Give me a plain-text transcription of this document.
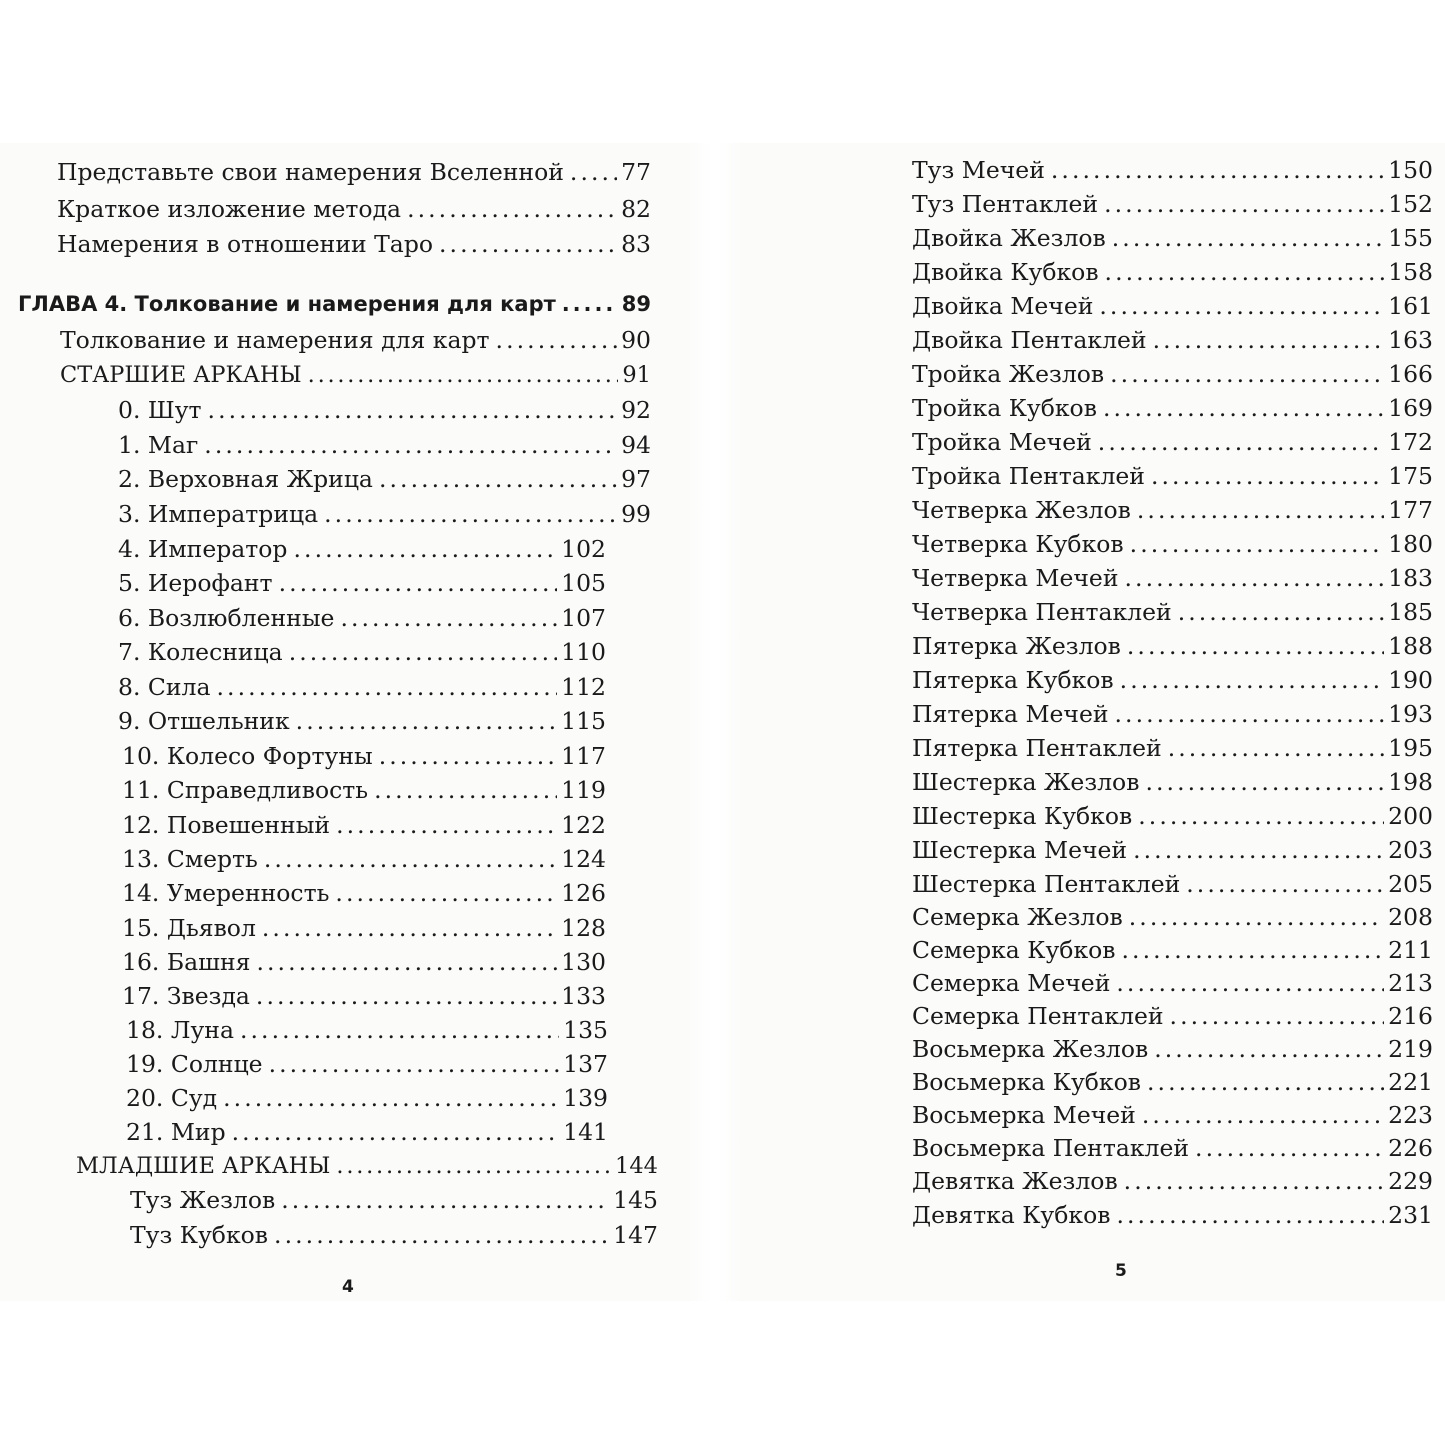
Представьте свои намерения Вселенной . . . 77
Краткое изложение метода . . .	82
Намерения в отношении Таро . . .	83
ГЛАВА 4. Толкование и намерения для карт . . .	89
Толкование и намерения для карт . . .	90
СТАРШИЕ АРКАНЫ . . .	91
0. Шут . . .	92
1. Маг . . .	94
2. Верховная Жрица . . .	97
3. Императрица . . .	99
4. Император . . .	102
5. Иерофант . . .	105
6. Возлюбленные . . .	107
7. Колесница . . .	110
8. Сила . . .	112
9. Отшельник . . .	115
10. Колесо Фортуны . . .	117
11. Справедливость . . .	119
12. Повешенный . . .	122
13. Смерть . . .	124
14. Умеренность . . .	126
15. Дьявол . . .	128
16. Башня . . .	130
17. Звезда . . .	133
18. Луна . . .	135
19. Солнце . . .	137
20. Суд . . .	139
21. Мир . . .	141
МЛАДШИЕ АРКАНЫ . . .	144
Туз Жезлов . . .	145
Туз Кубков . . .	147
4
Туз Мечей . . .	150
Туз Пентаклей . . .	152
Двойка Жезлов . . .	155
Двойка Кубков . . .	158
Двойка Мечей . . .	161
Двойка Пентаклей . . .	163
Тройка Жезлов . . .	166
Тройка Кубков . . .	169
Тройка Мечей . . .	172
Тройка Пентаклей . . .	175
Четверка Жезлов . . .	177
Четверка Кубков . . .	180
Четверка Мечей . . .	183
Четверка Пентаклей . . .	185
Пятерка Жезлов . . .	188
Пятерка Кубков . . .	190
Пятерка Мечей . . .	193
Пятерка Пентаклей . . .	195
Шестерка Жезлов . . .	198
Шестерка Кубков . . .	200
Шестерка Мечей . . .	203
Шестерка Пентаклей . . .	205
Семерка Жезлов . . .	208
Семерка Кубков . . .	211
Семерка Мечей . . .	213
Семерка Пентаклей . . .	216
Восьмерка Жезлов . . .	219
Восьмерка Кубков . . .	221
Восьмерка Мечей . . .	223
Восьмерка Пентаклей . . .	226
Девятка Жезлов . . .	229
Девятка Кубков . . .	231
5
